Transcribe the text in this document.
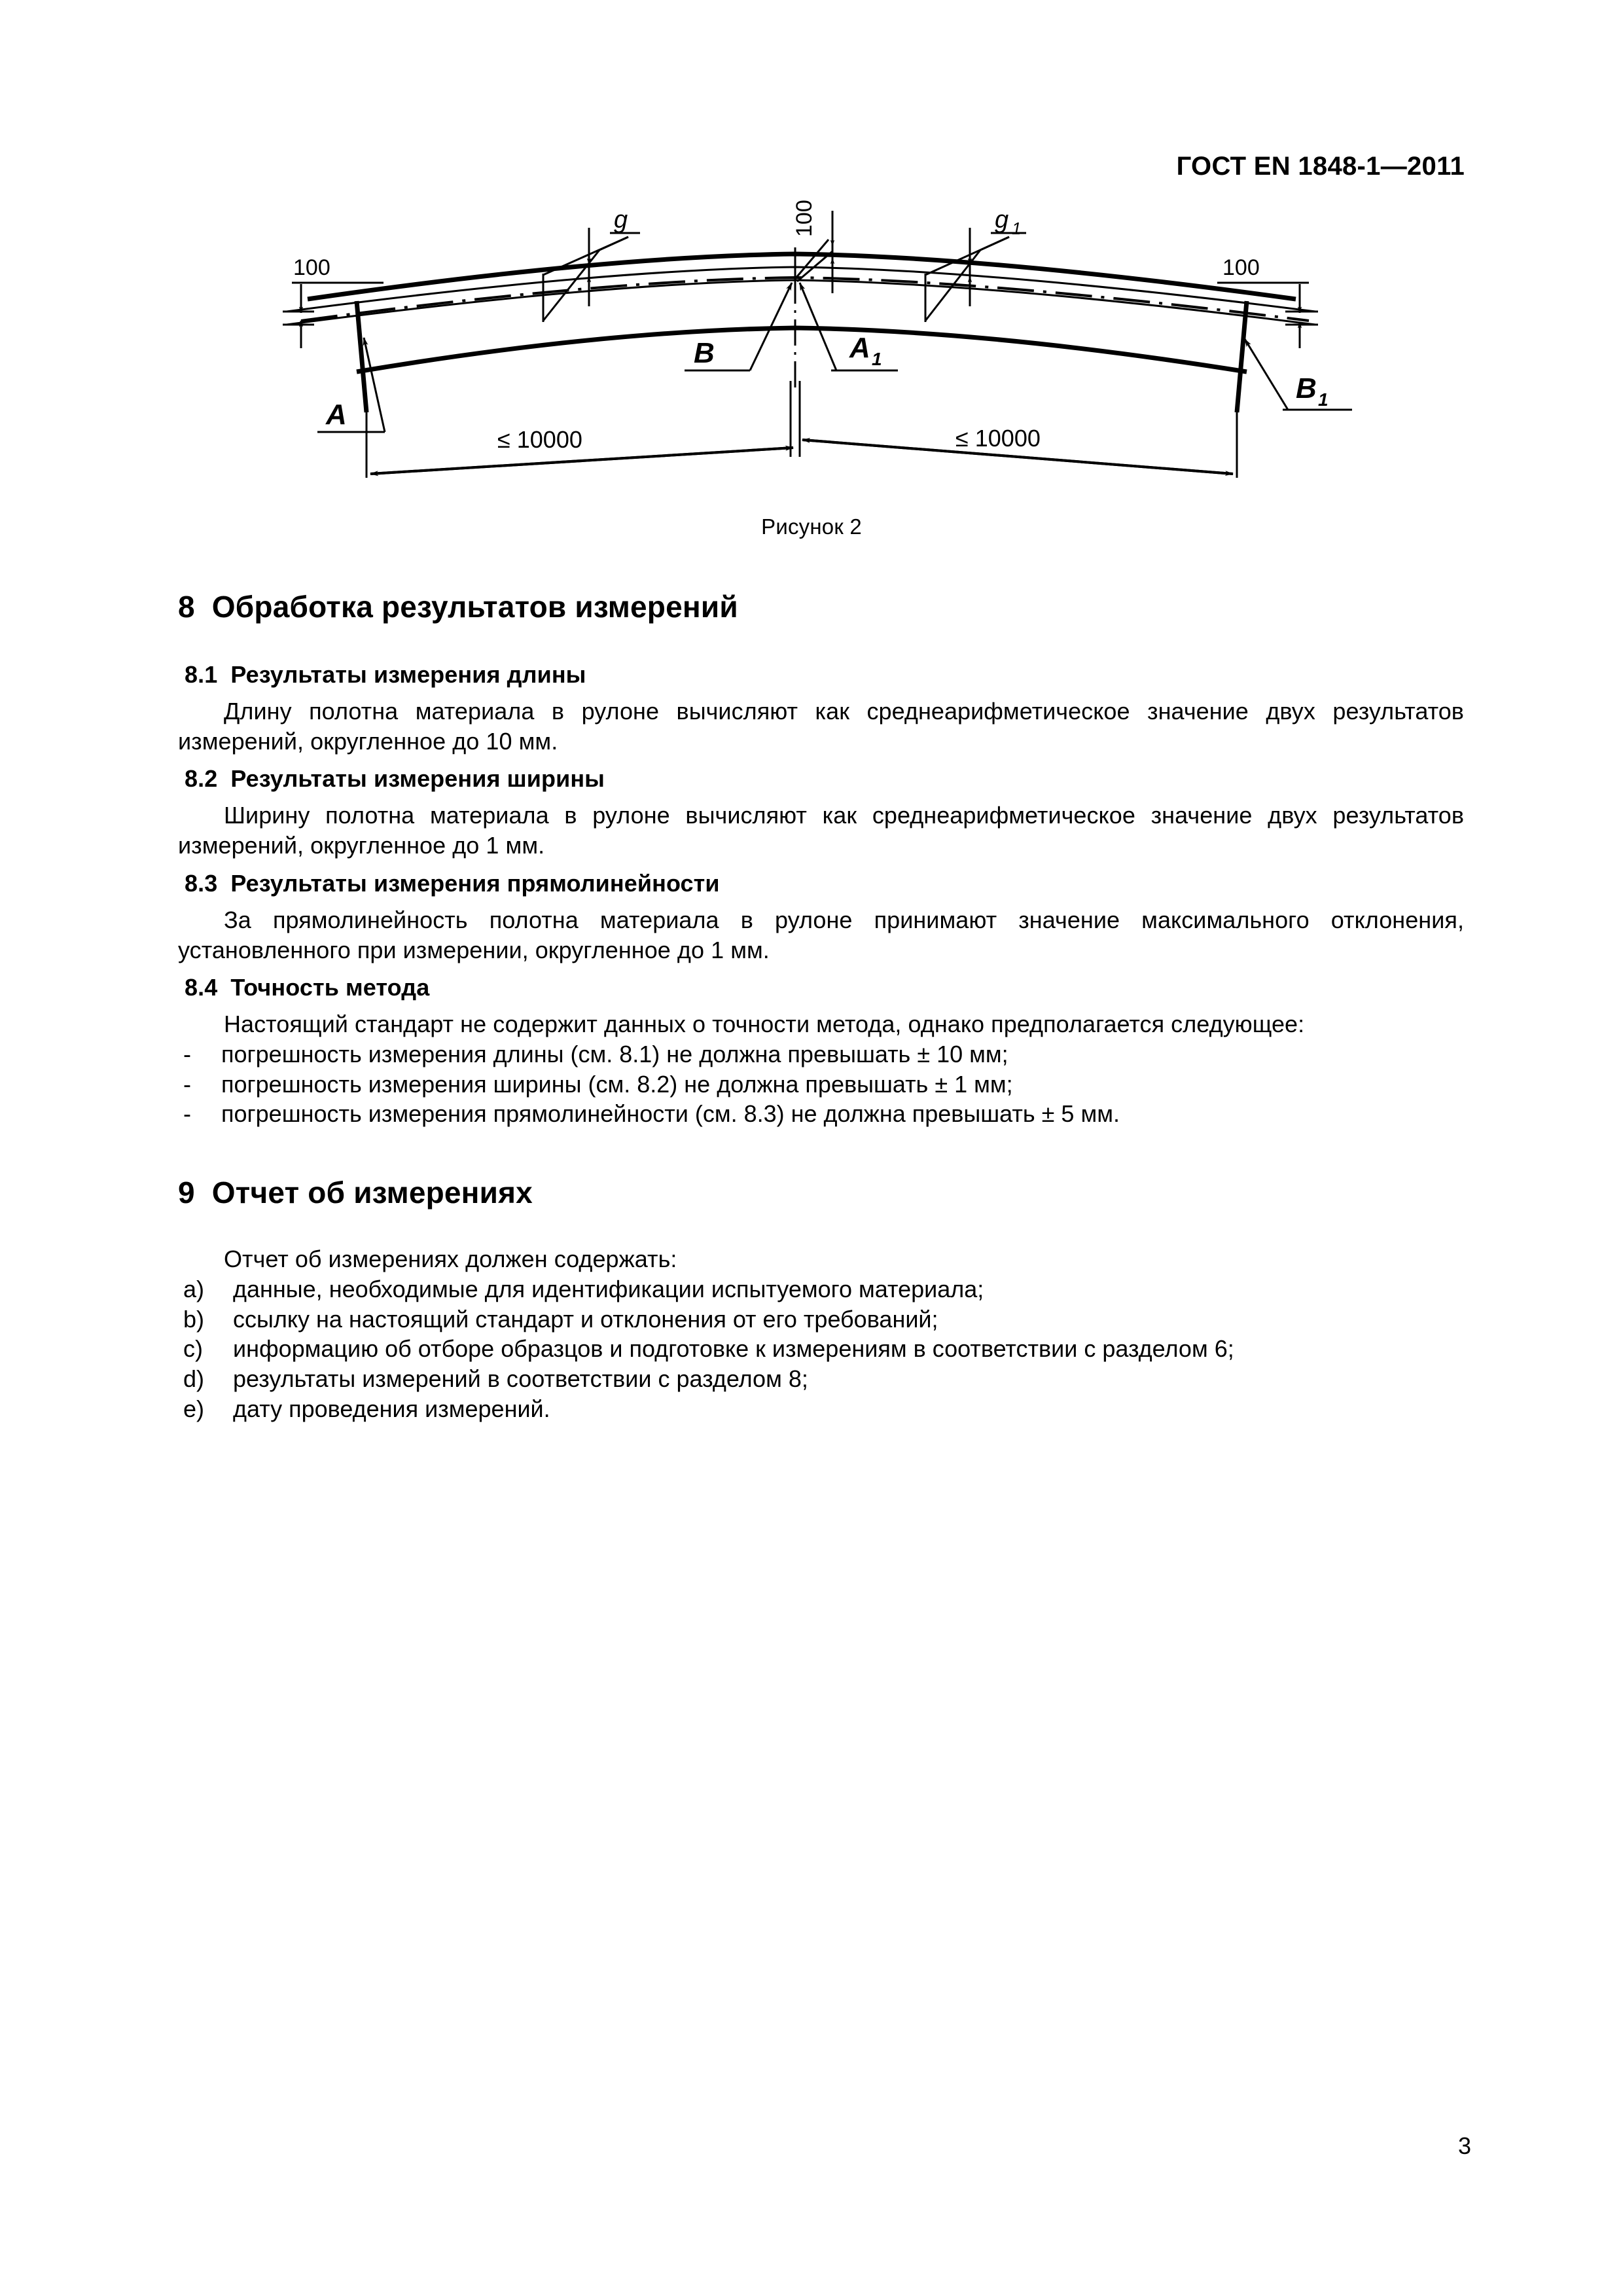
ГОСТ EN 1848-1—2011
100
A
g	100
B	A 1
g 1
100
B 1
≤ 10000	≤ 10000
Рисунок 2
8 Обработка результатов измерений
8.1 Результаты измерения длины

Длину полотна материала в рулоне вычисляют как среднеарифметическое значение двух результатов измерений, округленное до 10 мм.

8.2 Результаты измерения ширины

Ширину полотна материала в рулоне вычисляют как среднеарифметическое значение двух результатов измерений, округленное до 1 мм.

8.3 Результаты измерения прямолинейности

За прямолинейность полотна материала в рулоне принимают значение максимального отклонения, установленного при измерении, округленное до 1 мм.

8.4 Точность метода

Настоящий стандарт не содержит данных о точности метода, однако предполагается следующее:

- погрешность измерения длины (см. 8.1) не должна превышать ± 10 мм;
- погрешность измерения ширины (см. 8.2) не должна превышать ± 1 мм;
- погрешность измерения прямолинейности (см. 8.3) не должна превышать ± 5 мм.
9 Отчет об измерениях

Отчет об измерениях должен содержать:

a) данные, необходимые для идентификации испытуемого материала;
b) ссылку на настоящий стандарт и отклонения от его требований;
c) информацию об отборе образцов и подготовке к измерениям в соответствии с разделом 6;
d) результаты измерений в соответствии с разделом 8;
e) дату проведения измерений.
3
